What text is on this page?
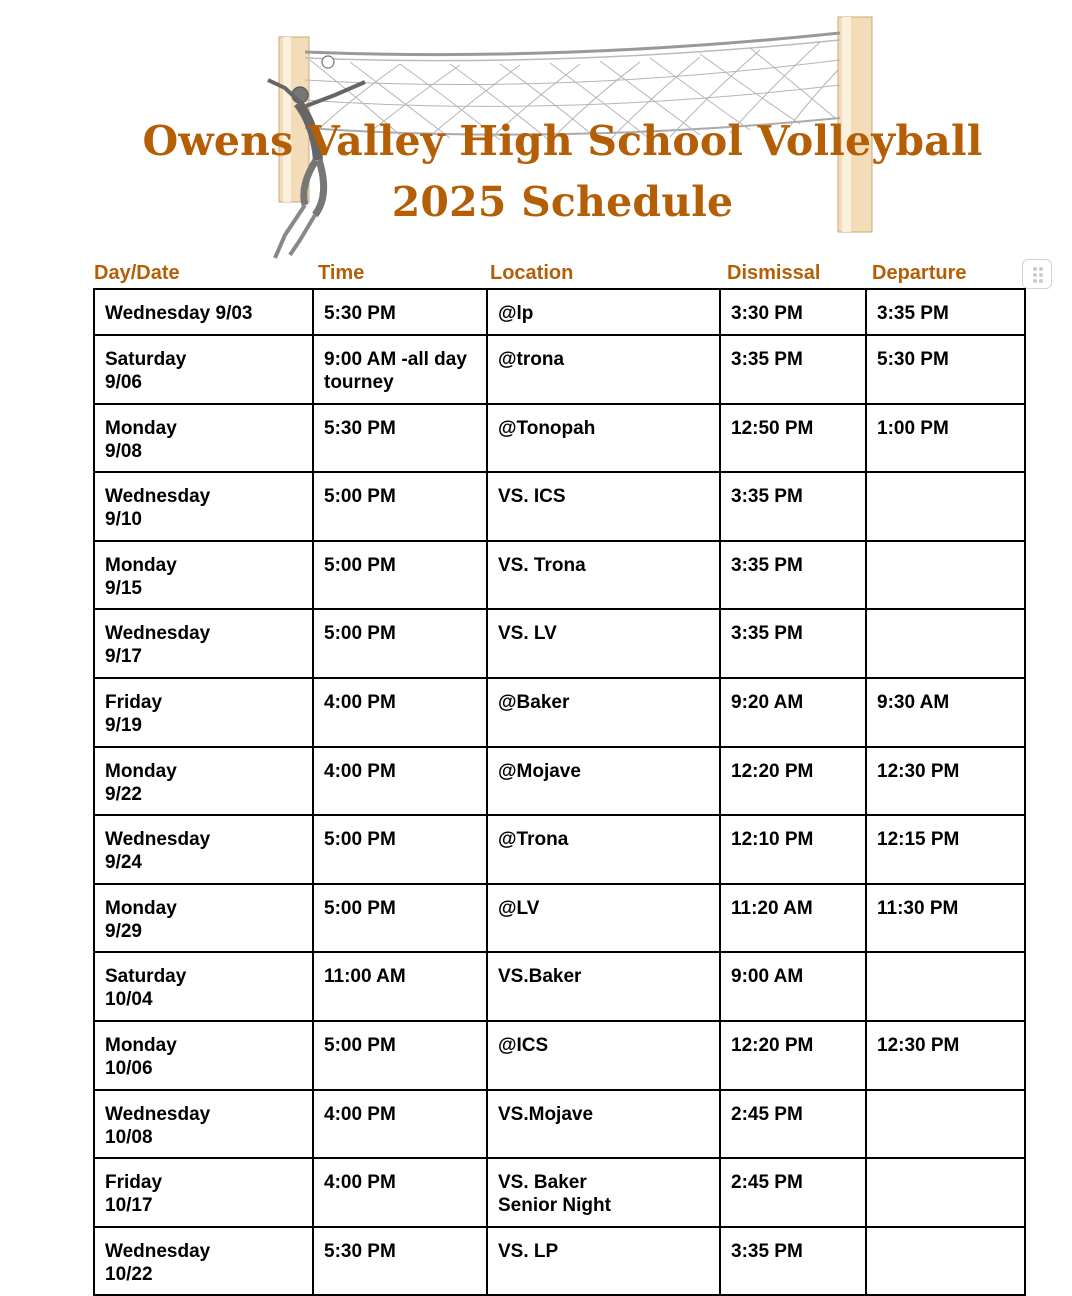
Owens Valley High School Volleyball
2025 Schedule
Day/Date	Time	Location	Dismissal	Departure
Wednesday 9/03	5:30 PM	@lp	3:30 PM	3:35 PM
Saturday
9/06	9:00 AM -all day tourney	@trona	3:35 PM	5:30 PM
Monday
9/08	5:30 PM	@Tonopah	12:50 PM	1:00 PM
Wednesday
9/10	5:00 PM	VS. ICS	3:35 PM	
Monday
9/15	5:00 PM	VS. Trona	3:35 PM	
Wednesday
9/17	5:00 PM	VS. LV	3:35 PM	
Friday
9/19	4:00 PM	@Baker	9:20 AM	9:30 AM
Monday
9/22	4:00 PM	@Mojave	12:20 PM	12:30 PM
Wednesday
9/24	5:00 PM	@Trona	12:10 PM	12:15 PM
Monday
9/29	5:00 PM	@LV	11:20 AM	11:30 PM
Saturday
10/04	11:00 AM	VS.Baker	9:00 AM	
Monday
10/06	5:00 PM	@ICS	12:20 PM	12:30 PM
Wednesday
10/08	4:00 PM	VS.Mojave	2:45 PM	
Friday
10/17	4:00 PM	VS. Baker
Senior Night	2:45 PM	
Wednesday
10/22	5:30 PM	VS. LP	3:35 PM	
